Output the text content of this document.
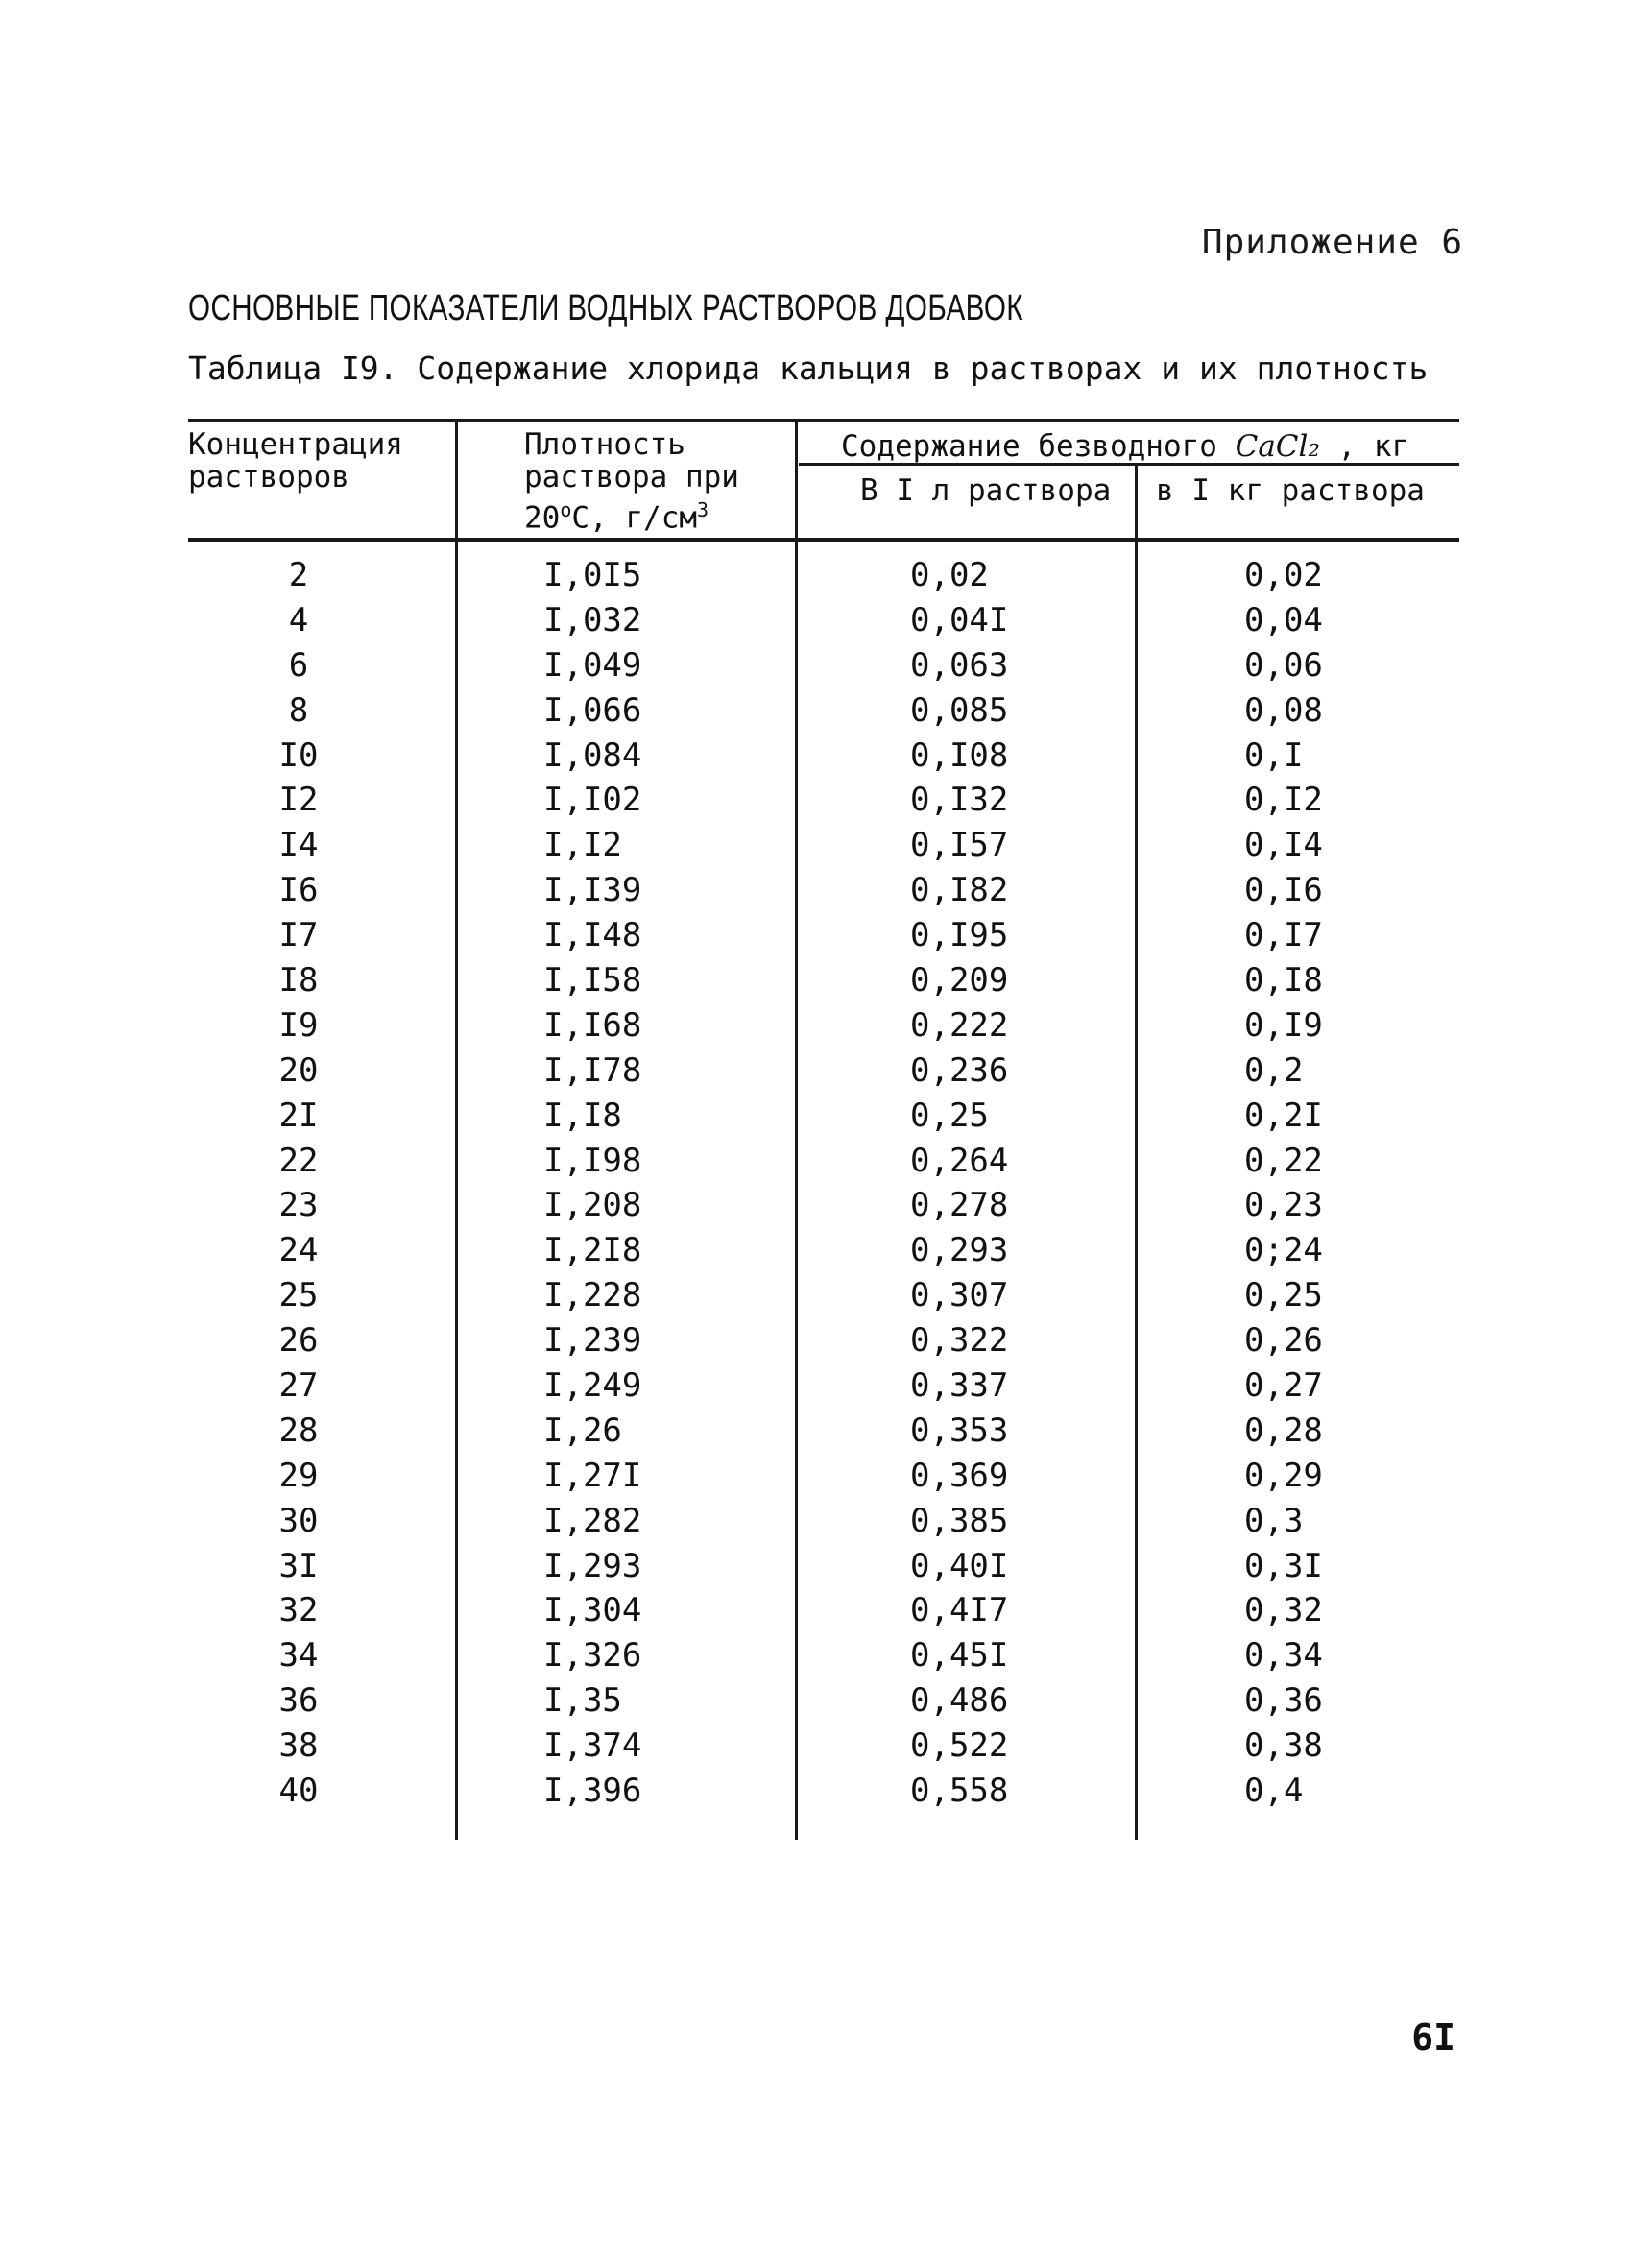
Приложение 6
ОСНОВНЫЕ ПОКАЗАТЕЛИ ВОДНЫХ РАСТВОРОВ ДОБАВОК
Таблица I9. Содержание хлорида кальция в растворах и их плотность
Концентрация
растворов
Плотность
раствора при
$20^оС$, $г/см^3$
Содержание безводного CaCl₂ , кг
В I л раствора	в I кг раствора
2	I,0I5	0,02	0,02
4	I,032	0,04I	0,04
6	I,049	0,063	0,06
8	I,066	0,085	0,08
I0	I,084	0,I08	0,I
I2	I,I02	0,I32	0,I2
I4	I,I2	0,I57	0,I4
I6	I,I39	0,I82	0,I6
I7	I,I48	0,I95	0,I7
I8	I,I58	0,209	0,I8
I9	I,I68	0,222	0,I9
20	I,I78	0,236	0,2
2I	I,I8	0,25	0,2I
22	I,I98	0,264	0,22
23	I,208	0,278	0,23
24	I,2I8	0,293	0;24
25	I,228	0,307	0,25
26	I,239	0,322	0,26
27	I,249	0,337	0,27
28	I,26	0,353	0,28
29	I,27I	0,369	0,29
30	I,282	0,385	0,3
3I	I,293	0,40I	0,3I
32	I,304	0,4I7	0,32
34	I,326	0,45I	0,34
36	I,35	0,486	0,36
38	I,374	0,522	0,38
40	I,396	0,558	0,4
6I
